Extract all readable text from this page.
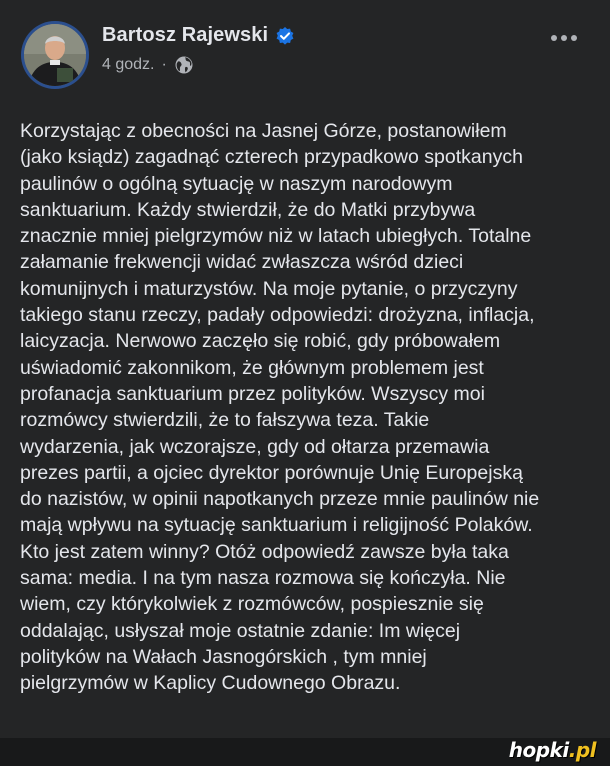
Bartosz Rajewski
4 godz. ·

Korzystając z obecności na Jasnej Górze, postanowiłem
(jako ksiądz) zagadnąć czterech przypadkowo spotkanych
paulinów o ogólną sytuację w naszym narodowym
sanktuarium. Każdy stwierdził, że do Matki przybywa
znacznie mniej pielgrzymów niż w latach ubiegłych. Totalne
załamanie frekwencji widać zwłaszcza wśród dzieci
komunijnych i maturzystów. Na moje pytanie, o przyczyny
takiego stanu rzeczy, padały odpowiedzi: drożyzna, inflacja,
laicyzacja. Nerwowo zaczęło się robić, gdy próbowałem
uświadomić zakonnikom, że głównym problemem jest
profanacja sanktuarium przez polityków. Wszyscy moi
rozmówcy stwierdzili, że to fałszywa teza. Takie
wydarzenia, jak wczorajsze, gdy od ołtarza przemawia
prezes partii, a ojciec dyrektor porównuje Unię Europejską
do nazistów, w opinii napotkanych przeze mnie paulinów nie
mają wpływu na sytuację sanktuarium i religijność Polaków.
Kto jest zatem winny? Otóż odpowiedź zawsze była taka
sama: media. I na tym nasza rozmowa się kończyła. Nie
wiem, czy którykolwiek z rozmówców, pospiesznie się
oddalając, usłyszał moje ostatnie zdanie: Im więcej
polityków na Wałach Jasnogórskich , tym mniej
pielgrzymów w Kaplicy Cudownego Obrazu.

hopki.pl
